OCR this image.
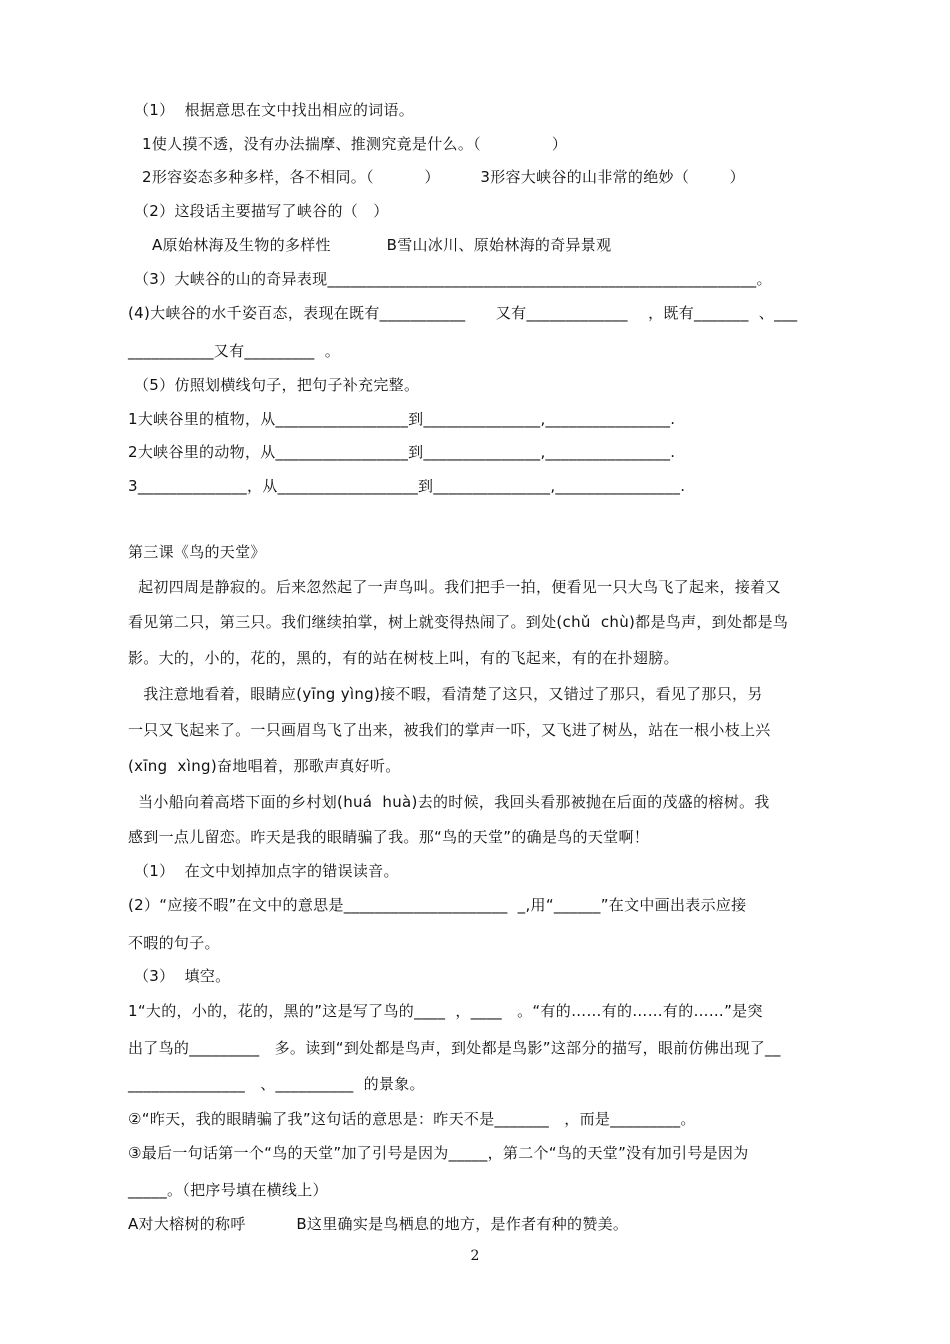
（1）  根据意思在文中找出相应的词语。

1使人摸不透，没有办法揣摩、推测究竟是什么。（              ）

2形容姿态多种多样，各不相同。（          ）        3形容大峡谷的山非常的绝妙（        ）

（2）这段话主要描写了峡谷的（   ）

A原始林海及生物的多样性           B雪山冰川、原始林海的奇异景观

（3）大峡谷的山的奇异表现_______________________________________________________。

(4)大峡谷的水千姿百态，表现在既有___________      又有_____________    ，既有_______  、___

___________又有_________  。

（5）仿照划横线句子，把句子补充完整。

1大峡谷里的植物，从_________________到_______________,________________.

2大峡谷里的动物，从_________________到_______________,________________.

3______________，从__________________到_______________,________________.

第三课《鸟的天堂》

起初四周是静寂的。后来忽然起了一声鸟叫。我们把手一拍，便看见一只大鸟飞了起来，接着又

看见第二只，第三只。我们继续拍掌，树上就变得热闹了。到处(chǔ  chù)都是鸟声，到处都是鸟

影。大的，小的，花的，黑的，有的站在树枝上叫，有的飞起来，有的在扑翅膀。

我注意地看着，眼睛应(yīng yìng)接不暇，看清楚了这只，又错过了那只，看见了那只，另

一只又飞起来了。一只画眉鸟飞了出来，被我们的掌声一吓，又飞进了树丛，站在一根小枝上兴

(xīng  xìng)奋地唱着，那歌声真好听。

当小船向着高塔下面的乡村划(huá  huà)去的时候，我回头看那被抛在后面的茂盛的榕树。我

感到一点儿留恋。昨天是我的眼睛骗了我。那“鸟的天堂”的确是鸟的天堂啊！

（1）  在文中划掉加点字的错误读音。

(2）“应接不暇”在文中的意思是_____________________  _,用“______”在文中画出表示应接

不暇的句子。

（3）  填空。

1“大的，小的，花的，黑的”这是写了鸟的____  ，____   。“有的……有的……有的……”是突

出了鸟的_________   多。读到“到处都是鸟声，到处都是鸟影”这部分的描写，眼前仿佛出现了__

_______________   、__________  的景象。

②“昨天，我的眼睛骗了我”这句话的意思是：昨天不是_______   ，而是_________。

③最后一句话第一个“鸟的天堂”加了引号是因为_____，第二个“鸟的天堂”没有加引号是因为

_____。（把序号填在横线上）

A对大榕树的称呼          B这里确实是鸟栖息的地方，是作者有种的赞美。

2
